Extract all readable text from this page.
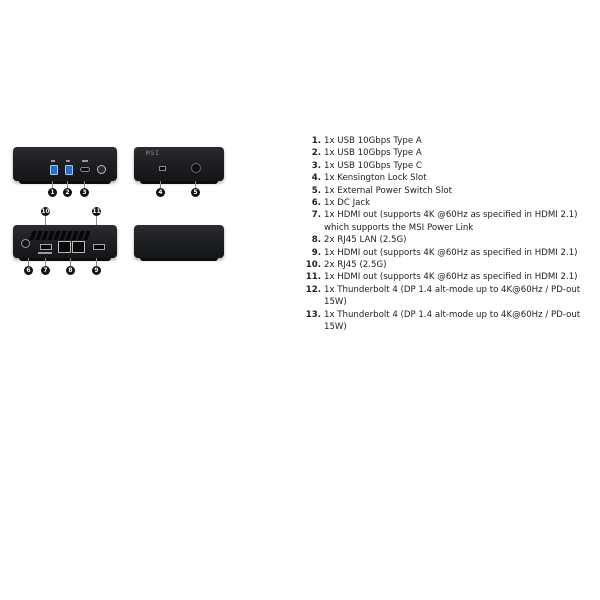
MSI
1	2	3	4	5
10	11
6	7	8	9
1. 1x USB 10Gbps Type A
2. 1x USB 10Gbps Type A
3. 1x USB 10Gbps Type C
4. 1x Kensington Lock Slot
5. 1x External Power Switch Slot
6. 1x DC Jack
7. 1x HDMI out (supports 4K @60Hz as specified in HDMI 2.1) which supports the MSI Power Link
8. 2x RJ45 LAN (2.5G)
9. 1x HDMI out (supports 4K @60Hz as specified in HDMI 2.1)
10. 2x RJ45 (2.5G)
11. 1x HDMI out (supports 4K @60Hz as specified in HDMI 2.1)
12. 1x Thunderbolt 4 (DP 1.4 alt-mode up to 4K@60Hz / PD-out 15W)
13. 1x Thunderbolt 4 (DP 1.4 alt-mode up to 4K@60Hz / PD-out 15W)
